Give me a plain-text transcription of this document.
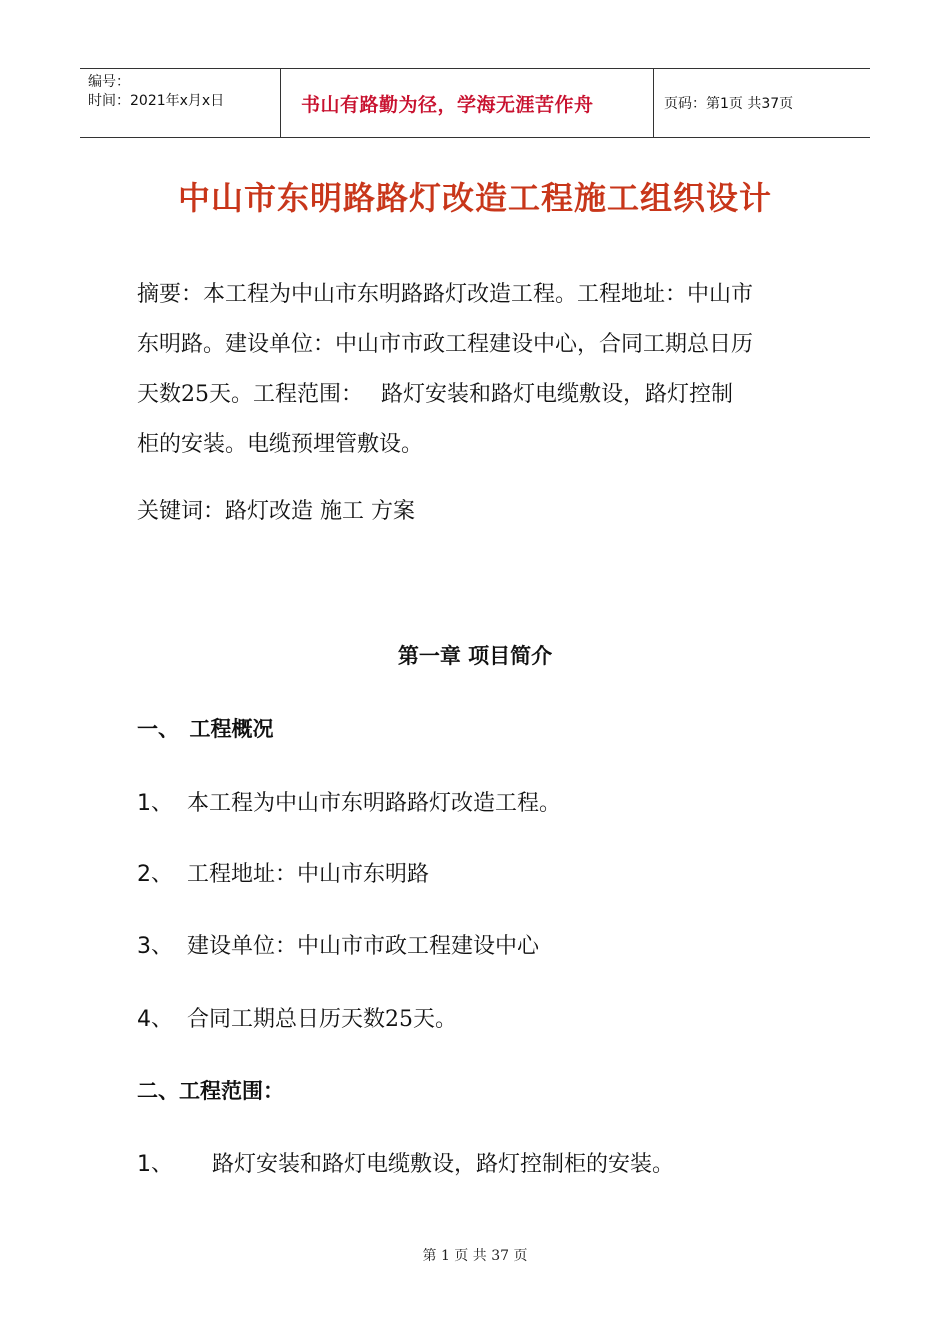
编号：
时间：2021年x月x日	书山有路勤为径，学海无涯苦作舟	页码：第1页 共37页
中山市东明路路灯改造工程施工组织设计
摘要：本工程为中山市东明路路灯改造工程。工程地址：中山市
东明路。建设单位：中山市市政工程建设中心，合同工期总日历
天数25天。工程范围：　 路灯安装和路灯电缆敷设，路灯控制
柜的安装。电缆预埋管敷设。
关键词：路灯改造 施工 方案
第一章 项目简介
一、　工程概况
1、 本工程为中山市东明路路灯改造工程。
2、 工程地址：中山市东明路
3、 建设单位：中山市市政工程建设中心
4、 合同工期总日历天数25天。
二、工程范围：
1、 路灯安装和路灯电缆敷设，路灯控制柜的安装。
第 1 页 共 37 页
